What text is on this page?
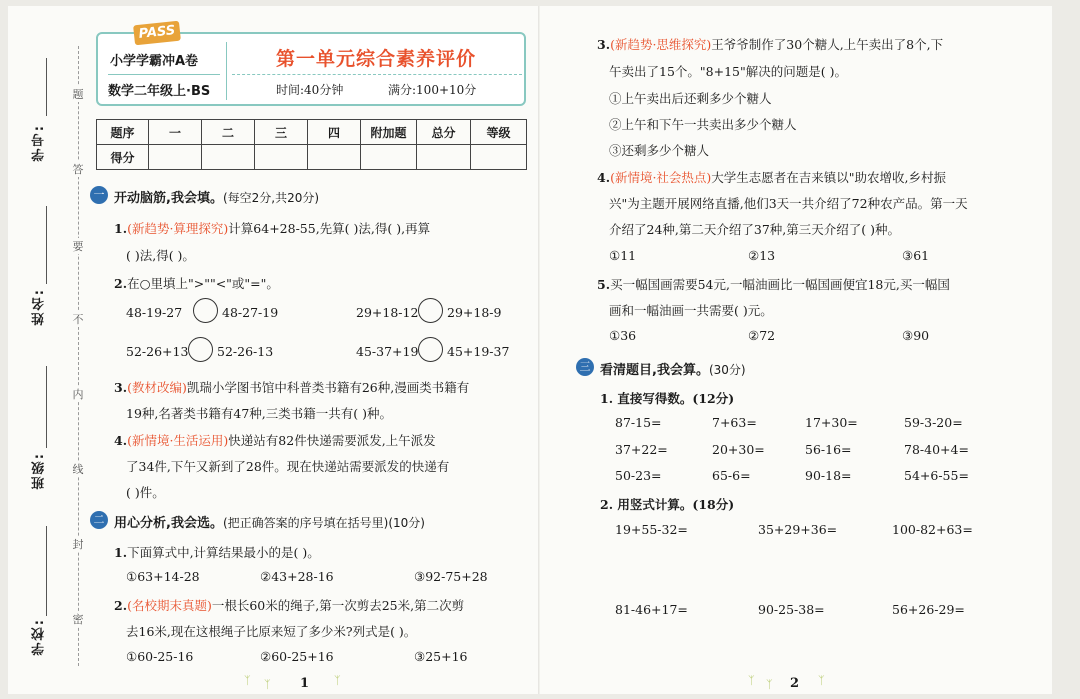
学号:
姓名:
班级:
学校:
题
答
要
不
内
线
封
密
PASS
小学学霸冲A卷
数学二年级上·BS
第一单元综合素养评价
时间:40分钟	满分:100+10分
题序	一	二	三	四	附加题	总分	等级
得分							
一 开动脑筋,我会填。(每空2分,共20分)
1.(新趋势·算理探究)计算64+28-55,先算( )法,得( ),再算
( )法,得( )。
2.在○里填上">""<"或"="。
48-19-27	48-27-19	29+18-12 29+18-9
52-26+13 52-26-13	45-37+19 45+19-37
3.(教材改编)凯瑞小学图书馆中科普类书籍有26种,漫画类书籍有
19种,名著类书籍有47种,三类书籍一共有( )种。
4.(新情境·生活运用)快递站有82件快递需要派发,上午派发
了34件,下午又新到了28件。现在快递站需要派发的快递有
( )件。
二 用心分析,我会选。(把正确答案的序号填在括号里)(10分)
1.下面算式中,计算结果最小的是( )。
①63+14-28	②43+28-16	③92-75+28
2.(名校期末真题)一根长60米的绳子,第一次剪去25米,第二次剪
去16米,现在这根绳子比原来短了多少米?列式是( )。
①60-25-16	②60-25+16	③25+16
ᛉ ᛉ 1 ᛉ
3.(新趋势·思维探究)王爷爷制作了30个糖人,上午卖出了8个,下
午卖出了15个。"8+15"解决的问题是( )。
①上午卖出后还剩多少个糖人
②上午和下午一共卖出多少个糖人
③还剩多少个糖人
4.(新情境·社会热点)大学生志愿者在吉来镇以"助农增收,乡村振
兴"为主题开展网络直播,他们3天一共介绍了72种农产品。第一天
介绍了24种,第二天介绍了37种,第三天介绍了( )种。
①11	②13	③61
5.买一幅国画需要54元,一幅油画比一幅国画便宜18元,买一幅国
画和一幅油画一共需要( )元。
①36	②72	③90
三 看清题目,我会算。(30分)
1. 直接写得数。(12分)
87-15=	7+63=	17+30=	59-3-20=
37+22=	20+30=	56-16=	78-40+4=
50-23=	65-6=	90-18=	54+6-55=
2. 用竖式计算。(18分)
19+55-32=	35+29+36=	100-82+63=
81-46+17=	90-25-38=	56+26-29=
ᛉ ᛉ 2 ᛉ
